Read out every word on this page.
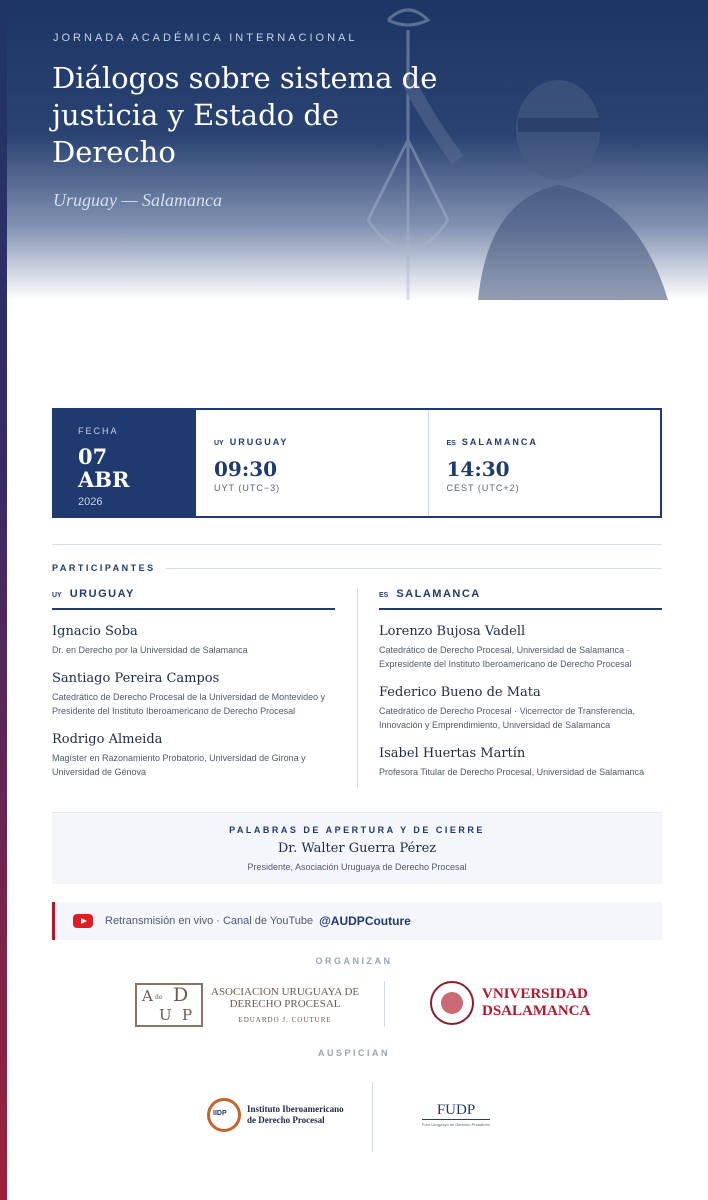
JORNADA ACADÉMICA INTERNACIONAL
Diálogos sobre sistema de justicia y Estado de Derecho
Uruguay — Salamanca
FECHA
07
ABR
2026
UY URUGUAY
09:30
UYT (UTC−3)
ES SALAMANCA
14:30
CEST (UTC+2)
PARTICIPANTES
UY URUGUAY
Ignacio Soba
Dr. en Derecho por la Universidad de Salamanca
Santiago Pereira Campos
Catedrático de Derecho Procesal de la Universidad de Montevideo y Presidente del Instituto Iberoamericano de Derecho Procesal
Rodrigo Almeida
Magíster en Razonamiento Probatorio, Universidad de Girona y Universidad de Génova
ES SALAMANCA
Lorenzo Bujosa Vadell
Catedrático de Derecho Procesal, Universidad de Salamanca · Expresidente del Instituto Iberoamericano de Derecho Procesal
Federico Bueno de Mata
Catedrático de Derecho Procesal · Vicerrector de Transferencia, Innovación y Emprendimiento, Universidad de Salamanca
Isabel Huertas Martín
Profesora Titular de Derecho Procesal, Universidad de Salamanca
PALABRAS DE APERTURA Y DE CIERRE
Dr. Walter Guerra Pérez
Presidente, Asociación Uruguaya de Derecho Procesal
Retransmisión en vivo · Canal de YouTube @AUDPCouture
ORGANIZAN
A de D
U P
ASOCIACION URUGUAYA DE
DERECHO PROCESAL
EDUARDO J. COUTURE
VNIVERSIDAD
DSALAMANCA
AUSPICIAN
IIDP Instituto Iberoamericano
de Derecho Procesal
FUDP
Foro Uruguayo de Derecho Probatorio
